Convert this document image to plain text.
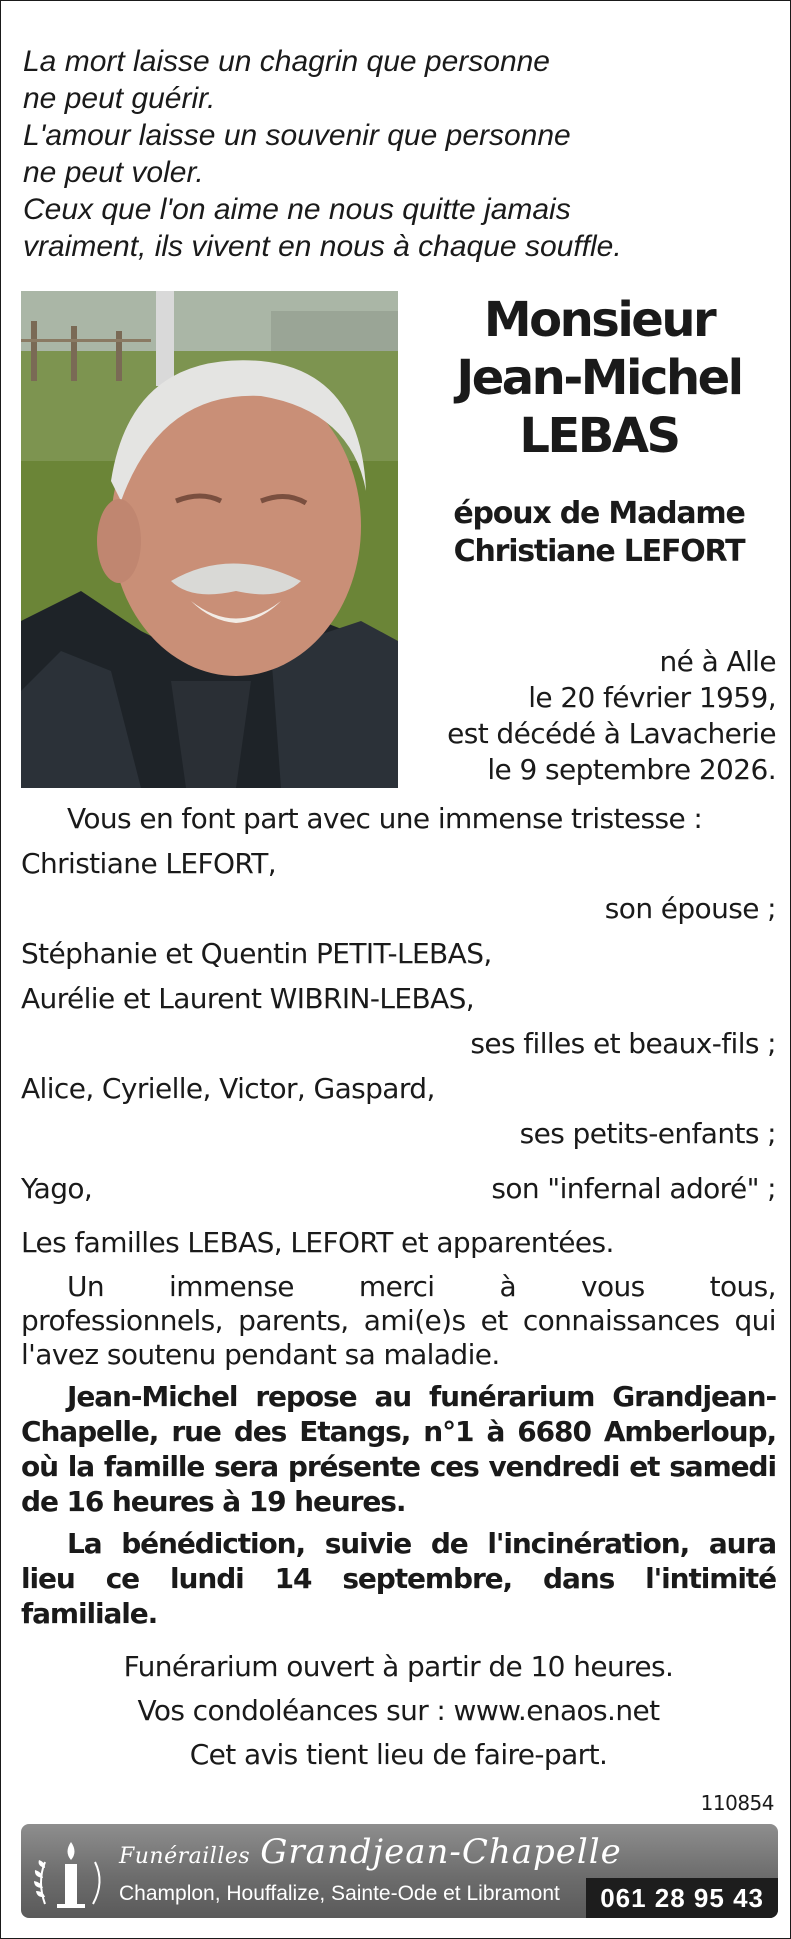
La mort laisse un chagrin que personne
ne peut guérir.
L'amour laisse un souvenir que personne
ne peut voler.
Ceux que l'on aime ne nous quitte jamais
vraiment, ils vivent en nous à chaque souffle.
Monsieur
Jean-Michel
LEBAS
époux de Madame
Christiane LEFORT
né à Alle
le 20 février 1959,
est décédé à Lavacherie
le 9 septembre 2026.
Vous en font part avec une immense tristesse :
Christiane LEFORT,
son épouse ;
Stéphanie et Quentin PETIT-LEBAS,
Aurélie et Laurent WIBRIN-LEBAS,
ses filles et beaux-fils ;
Alice, Cyrielle, Victor, Gaspard,
ses petits-enfants ;
Yago,	son "infernal adoré" ;
Les familles LEBAS, LEFORT et apparentées.
Un immense merci à vous tous,
professionnels, parents, ami(e)s et connaissances qui l'avez soutenu pendant sa maladie.
Jean-Michel repose au funérarium Grandjean-Chapelle, rue des Etangs, n°1 à 6680 Amberloup, où la famille sera présente ces vendredi et samedi de 16 heures à 19 heures.
La bénédiction, suivie de l'incinération, aura lieu ce lundi 14 septembre, dans l'intimité familiale.
Funérarium ouvert à partir de 10 heures.
Vos condoléances sur : www.enaos.net
Cet avis tient lieu de faire-part.
110854
Funérailles Grandjean-Chapelle
Champlon, Houffalize, Sainte-Ode et Libramont	061 28 95 43
